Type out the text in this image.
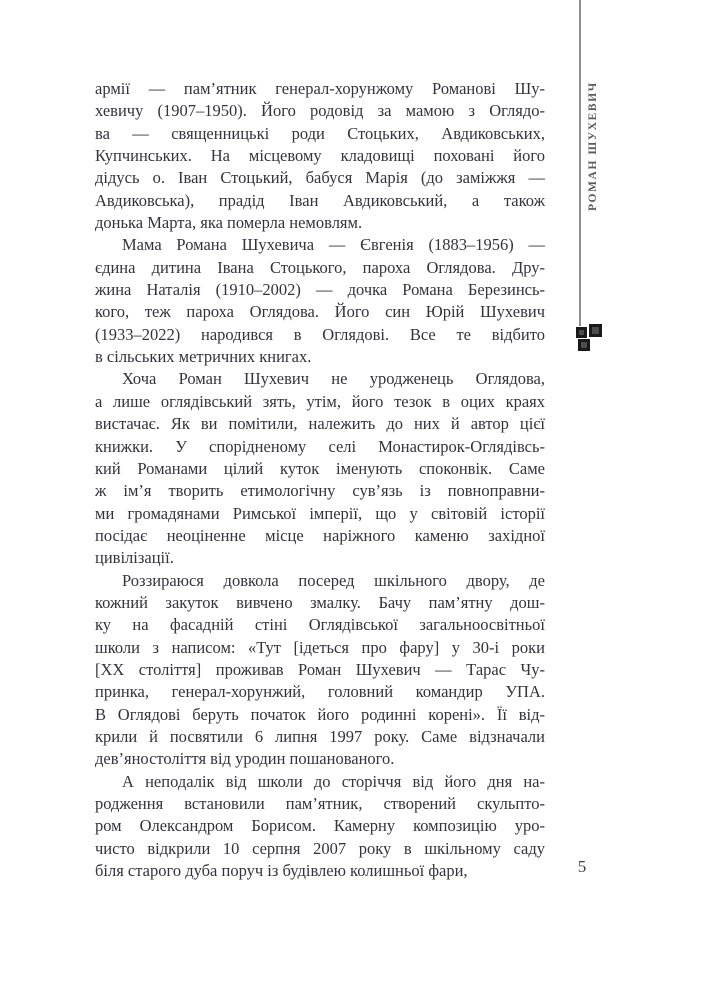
армії — пам’ятник генерал-хорунжому Романові Шу-
хевичу (1907–1950). Його родовід за мамою з Оглядо-
ва — священницькі роди Стоцьких, Авдиковських,
Купчинських. На місцевому кладовищі поховані його
дідусь о. Іван Стоцький, бабуся Марія (до заміжжя —
Авдиковська), прадід Іван Авдиковський, а також
донька Марта, яка померла немовлям.

Мама Романа Шухевича — Євгенія (1883–1956) —
єдина дитина Івана Стоцького, пароха Оглядова. Дру-
жина Наталія (1910–2002) — дочка Романа Березинсь-
кого, теж пароха Оглядова. Його син Юрій Шухевич
(1933–2022) народився в Оглядові. Все те відбито
в сільських метричних книгах.

Хоча Роман Шухевич не уродженець Оглядова,
а лише оглядівський зять, утім, його тезок в оцих краях
вистачає. Як ви помітили, належить до них й автор цієї
книжки. У спорідненому селі Монастирок-Оглядівсь-
кий Романами цілий куток іменують споконвік. Саме
ж ім’я творить етимологічну сув’язь із повноправни-
ми громадянами Римської імперії, що у світовій історії
посідає неоціненне місце наріжного каменю західної
цивілізації.

Роззираюся довкола посеред шкільного двору, де
кожний закуток вивчено змалку. Бачу пам’ятну дош-
ку на фасадній стіні Оглядівської загальноосвітньої
школи з написом: «Тут [ідеться про фару] у 30-і роки
[XX століття] проживав Роман Шухевич — Тарас Чу-
принка, генерал-хорунжий, головний командир УПА.
В Оглядові беруть початок його родинні корені». Її від-
крили й посвятили 6 липня 1997 року. Саме відзначали
дев’яностоліття від уродин пошанованого.

А неподалік від школи до сторіччя від його дня на-
родження встановили пам’ятник, створений скульпто-
ром Олександром Борисом. Камерну композицію уро-
чисто відкрили 10 серпня 2007 року в шкільному саду
біля старого дуба поруч із будівлею колишньої фари,

РОМАН ШУХЕВИЧ
5
